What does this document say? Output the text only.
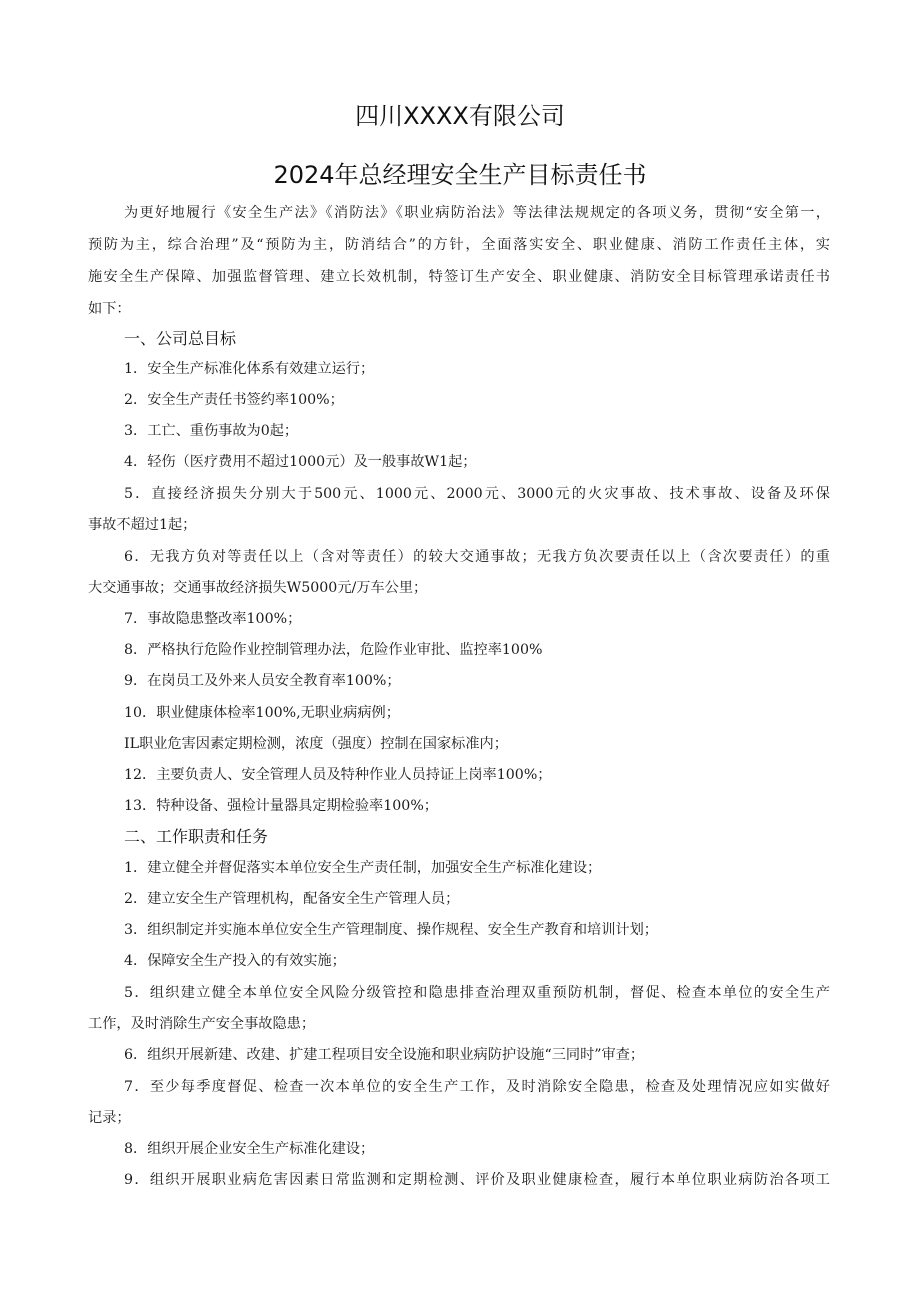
四川XXXX有限公司
2024年总经理安全生产目标责任书
为更好地履行《安全生产法》《消防法》《职业病防治法》等法律法规规定的各项义务，贯彻“安全第一，
预防为主，综合治理”及“预防为主，防消结合”的方针，全面落实安全、职业健康、消防工作责任主体，实
施安全生产保障、加强监督管理、建立长效机制，特签订生产安全、职业健康、消防安全目标管理承诺责任书
如下：
一、公司总目标
1．安全生产标准化体系有效建立运行；
2．安全生产责任书签约率100%；
3．工亡、重伤事故为0起；
4．轻伤（医疗费用不超过1000元）及一般事故W1起；
5．直接经济损失分别大于500元、1000元、2000元、3000元的火灾事故、技术事故、设备及环保
事故不超过1起；
6．无我方负对等责任以上（含对等责任）的较大交通事故；无我方负次要责任以上（含次要责任）的重
大交通事故；交通事故经济损失W5000元/万车公里；
7．事故隐患整改率100%；
8．严格执行危险作业控制管理办法，危险作业审批、监控率100%
9．在岗员工及外来人员安全教育率100%；
10．职业健康体检率100%,无职业病病例；
IL职业危害因素定期检测，浓度（强度）控制在国家标准内；
12．主要负责人、安全管理人员及特种作业人员持证上岗率100%；
13．特种设备、强检计量器具定期检验率100%；
二、工作职责和任务
1．建立健全并督促落实本单位安全生产责任制，加强安全生产标准化建设；
2．建立安全生产管理机构，配备安全生产管理人员；
3．组织制定并实施本单位安全生产管理制度、操作规程、安全生产教育和培训计划；
4．保障安全生产投入的有效实施；
5．组织建立健全本单位安全风险分级管控和隐患排查治理双重预防机制，督促、检查本单位的安全生产
工作，及时消除生产安全事故隐患；
6．组织开展新建、改建、扩建工程项目安全设施和职业病防护设施“三同时”审查；
7．至少每季度督促、检查一次本单位的安全生产工作，及时消除安全隐患，检查及处理情况应如实做好
记录；
8．组织开展企业安全生产标准化建设；
9．组织开展职业病危害因素日常监测和定期检测、评价及职业健康检查，履行本单位职业病防治各项工
